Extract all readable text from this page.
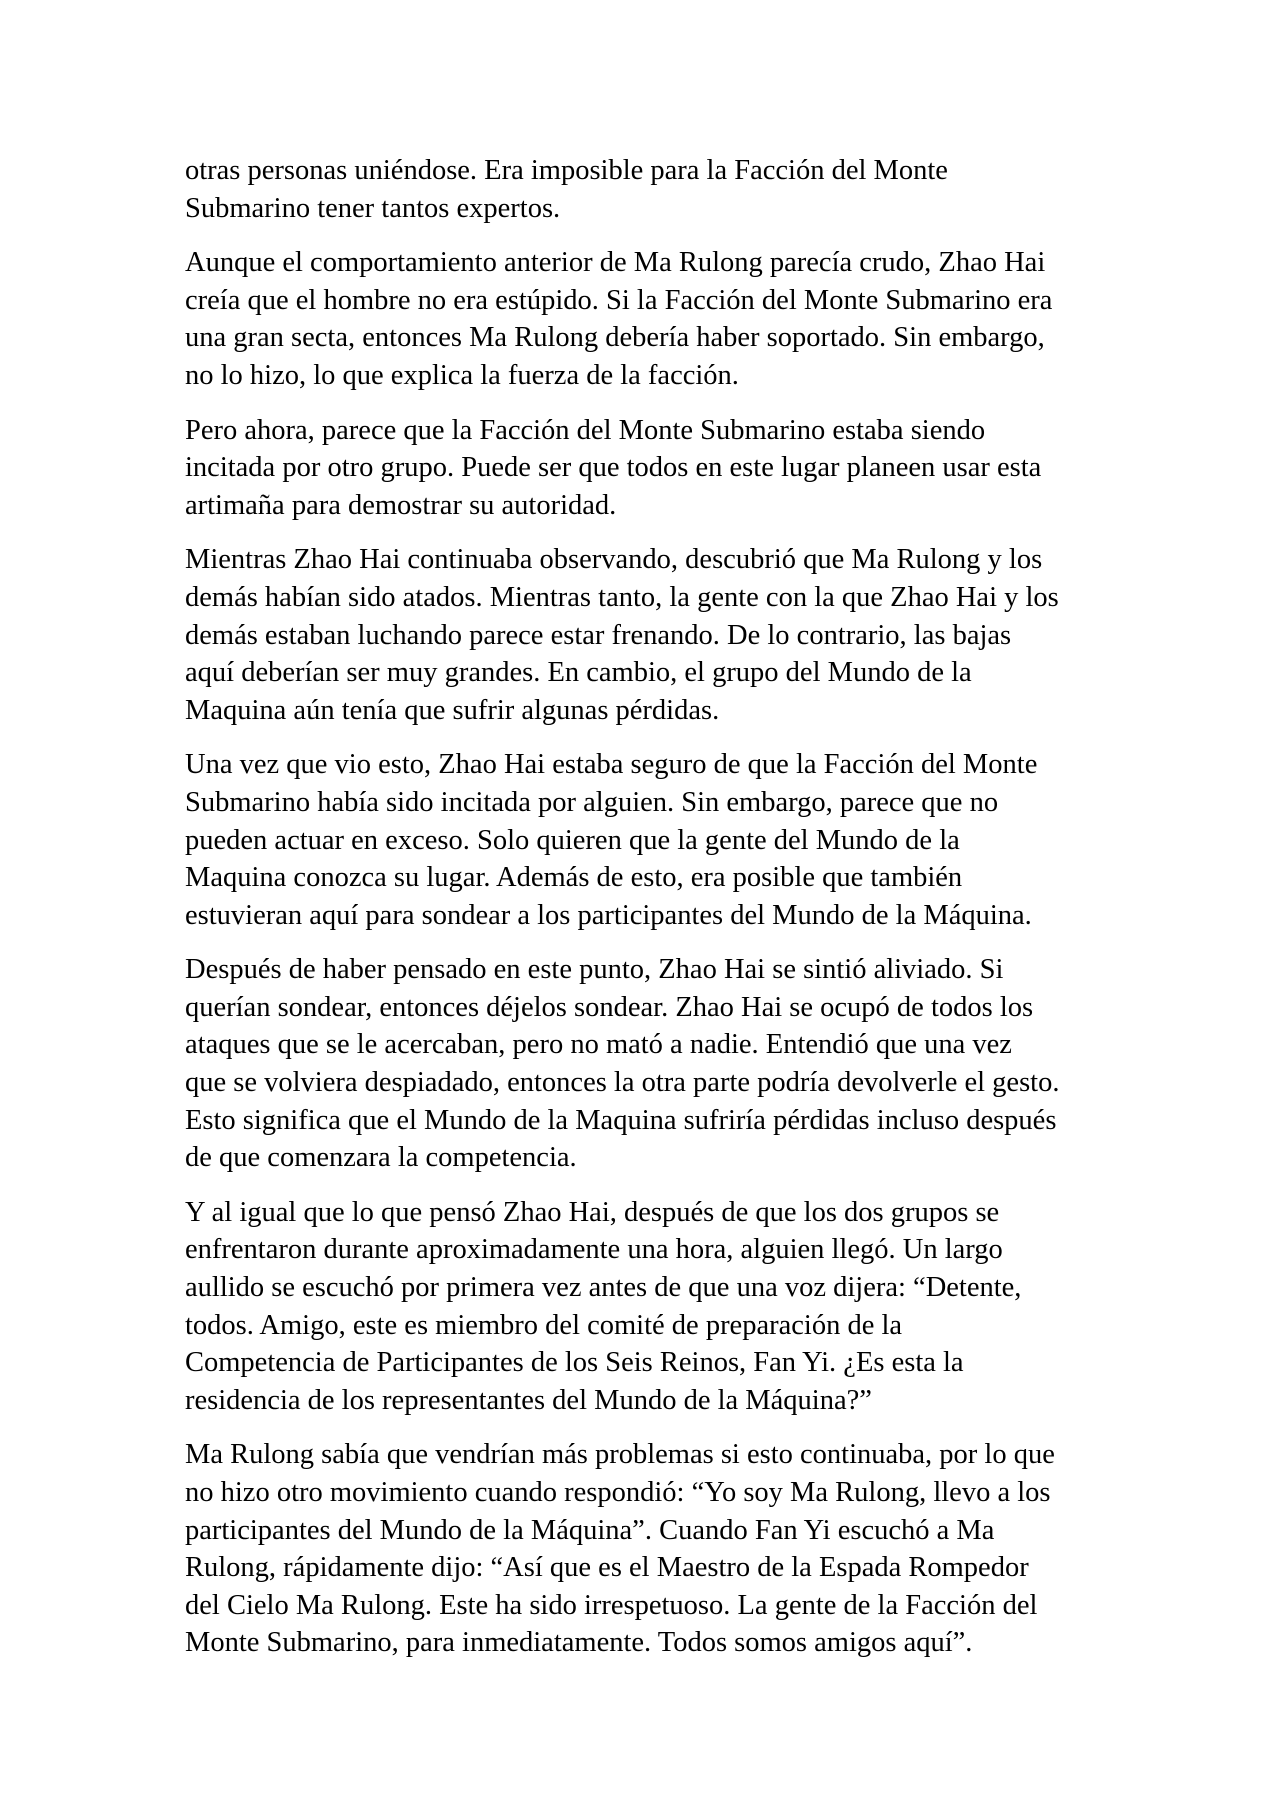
otras personas uniéndose. Era imposible para la Facción del Monte
Submarino tener tantos expertos.

Aunque el comportamiento anterior de Ma Rulong parecía crudo, Zhao Hai
creía que el hombre no era estúpido. Si la Facción del Monte Submarino era
una gran secta, entonces Ma Rulong debería haber soportado. Sin embargo,
no lo hizo, lo que explica la fuerza de la facción.

Pero ahora, parece que la Facción del Monte Submarino estaba siendo
incitada por otro grupo. Puede ser que todos en este lugar planeen usar esta
artimaña para demostrar su autoridad.

Mientras Zhao Hai continuaba observando, descubrió que Ma Rulong y los
demás habían sido atados. Mientras tanto, la gente con la que Zhao Hai y los
demás estaban luchando parece estar frenando. De lo contrario, las bajas
aquí deberían ser muy grandes. En cambio, el grupo del Mundo de la
Maquina aún tenía que sufrir algunas pérdidas.

Una vez que vio esto, Zhao Hai estaba seguro de que la Facción del Monte
Submarino había sido incitada por alguien. Sin embargo, parece que no
pueden actuar en exceso. Solo quieren que la gente del Mundo de la
Maquina conozca su lugar. Además de esto, era posible que también
estuvieran aquí para sondear a los participantes del Mundo de la Máquina.

Después de haber pensado en este punto, Zhao Hai se sintió aliviado. Si
querían sondear, entonces déjelos sondear. Zhao Hai se ocupó de todos los
ataques que se le acercaban, pero no mató a nadie. Entendió que una vez
que se volviera despiadado, entonces la otra parte podría devolverle el gesto.
Esto significa que el Mundo de la Maquina sufriría pérdidas incluso después
de que comenzara la competencia.

Y al igual que lo que pensó Zhao Hai, después de que los dos grupos se
enfrentaron durante aproximadamente una hora, alguien llegó. Un largo
aullido se escuchó por primera vez antes de que una voz dijera: “Detente,
todos. Amigo, este es miembro del comité de preparación de la
Competencia de Participantes de los Seis Reinos, Fan Yi. ¿Es esta la
residencia de los representantes del Mundo de la Máquina?”

Ma Rulong sabía que vendrían más problemas si esto continuaba, por lo que
no hizo otro movimiento cuando respondió: “Yo soy Ma Rulong, llevo a los
participantes del Mundo de la Máquina”. Cuando Fan Yi escuchó a Ma
Rulong, rápidamente dijo: “Así que es el Maestro de la Espada Rompedor
del Cielo Ma Rulong. Este ha sido irrespetuoso. La gente de la Facción del
Monte Submarino, para inmediatamente. Todos somos amigos aquí”.
